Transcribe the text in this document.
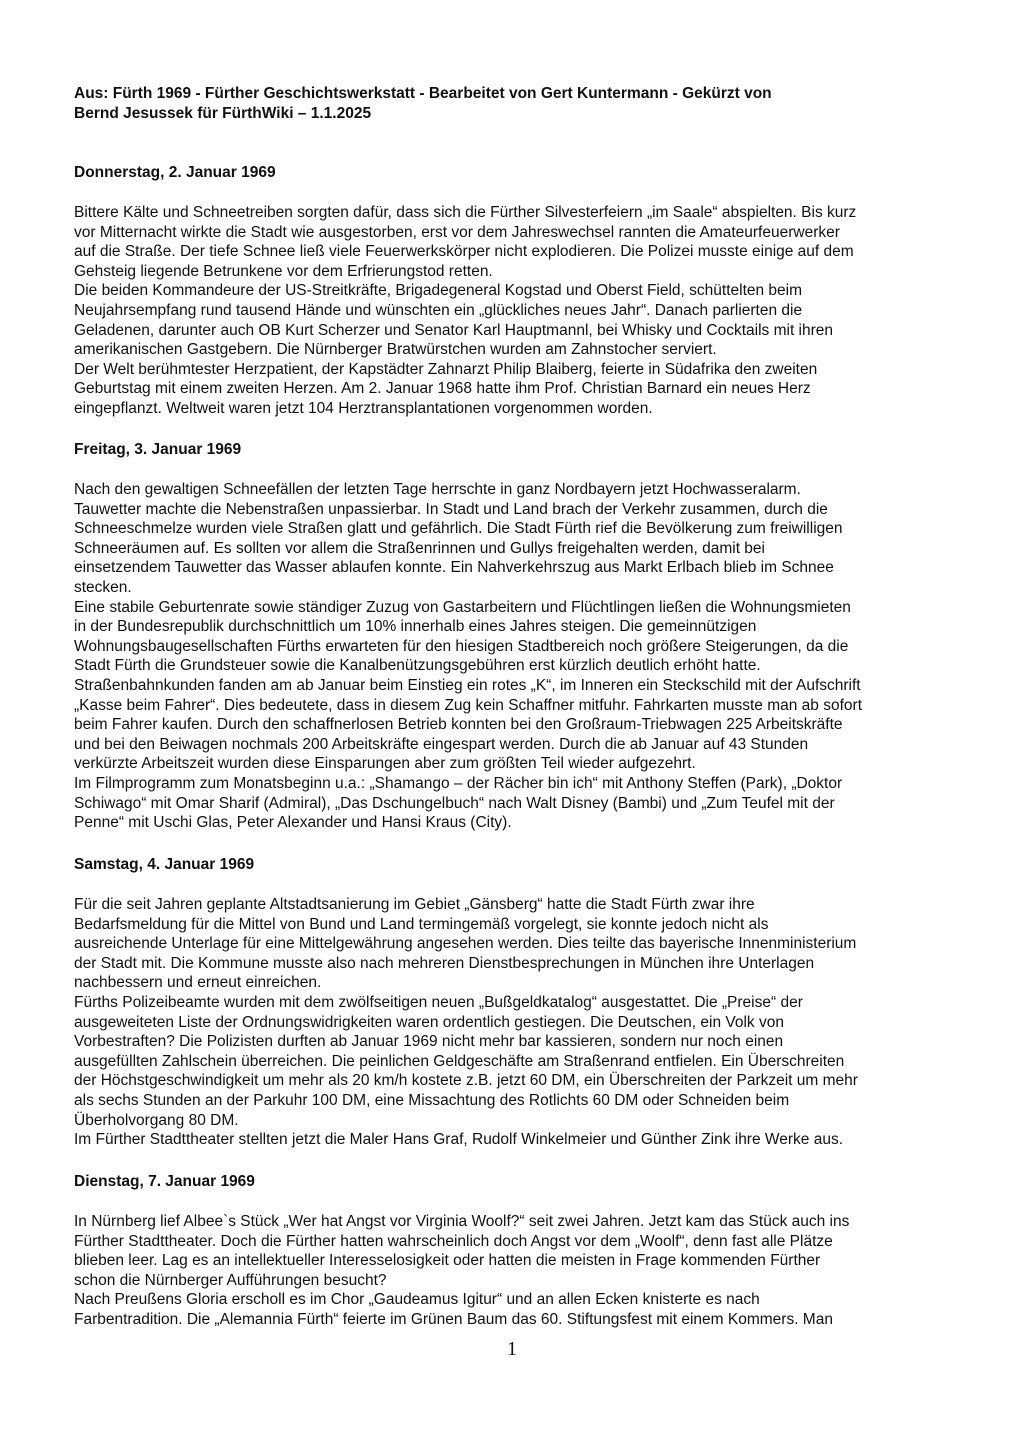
Aus: Fürth 1969 - Fürther Geschichtswerkstatt - Bearbeitet von Gert Kuntermann - Gekürzt von
Bernd Jesussek für FürthWiki – 1.1.2025
Donnerstag, 2. Januar 1969
Bittere Kälte und Schneetreiben sorgten dafür, dass sich die Fürther Silvesterfeiern „im Saale“ abspielten. Bis kurz
vor Mitternacht wirkte die Stadt wie ausgestorben, erst vor dem Jahreswechsel rannten die Amateurfeuerwerker
auf die Straße. Der tiefe Schnee ließ viele Feuerwerkskörper nicht explodieren. Die Polizei musste einige auf dem
Gehsteig liegende Betrunkene vor dem Erfrierungstod retten.
Die beiden Kommandeure der US-Streitkräfte, Brigadegeneral Kogstad und Oberst Field, schüttelten beim
Neujahrsempfang rund tausend Hände und wünschten ein „glückliches neues Jahr“. Danach parlierten die
Geladenen, darunter auch OB Kurt Scherzer und Senator Karl Hauptmannl, bei Whisky und Cocktails mit ihren
amerikanischen Gastgebern. Die Nürnberger Bratwürstchen wurden am Zahnstocher serviert.
Der Welt berühmtester Herzpatient, der Kapstädter Zahnarzt Philip Blaiberg, feierte in Südafrika den zweiten
Geburtstag mit einem zweiten Herzen. Am 2. Januar 1968 hatte ihm Prof. Christian Barnard ein neues Herz
eingepflanzt. Weltweit waren jetzt 104 Herztransplantationen vorgenommen worden.
Freitag, 3. Januar 1969
Nach den gewaltigen Schneefällen der letzten Tage herrschte in ganz Nordbayern jetzt Hochwasseralarm.
Tauwetter machte die Nebenstraßen unpassierbar. In Stadt und Land brach der Verkehr zusammen, durch die
Schneeschmelze wurden viele Straßen glatt und gefährlich. Die Stadt Fürth rief die Bevölkerung zum freiwilligen
Schneeräumen auf. Es sollten vor allem die Straßenrinnen und Gullys freigehalten werden, damit bei
einsetzendem Tauwetter das Wasser ablaufen konnte. Ein Nahverkehrszug aus Markt Erlbach blieb im Schnee
stecken.
Eine stabile Geburtenrate sowie ständiger Zuzug von Gastarbeitern und Flüchtlingen ließen die Wohnungsmieten
in der Bundesrepublik durchschnittlich um 10% innerhalb eines Jahres steigen. Die gemeinnützigen
Wohnungsbaugesellschaften Fürths erwarteten für den hiesigen Stadtbereich noch größere Steigerungen, da die
Stadt Fürth die Grundsteuer sowie die Kanalbenützungsgebühren erst kürzlich deutlich erhöht hatte.
Straßenbahnkunden fanden am ab Januar beim Einstieg ein rotes „K“, im Inneren ein Steckschild mit der Aufschrift
„Kasse beim Fahrer“. Dies bedeutete, dass in diesem Zug kein Schaffner mitfuhr. Fahrkarten musste man ab sofort
beim Fahrer kaufen. Durch den schaffnerlosen Betrieb konnten bei den Großraum-Triebwagen 225 Arbeitskräfte
und bei den Beiwagen nochmals 200 Arbeitskräfte eingespart werden. Durch die ab Januar auf 43 Stunden
verkürzte Arbeitszeit wurden diese Einsparungen aber zum größten Teil wieder aufgezehrt.
Im Filmprogramm zum Monatsbeginn u.a.: „Shamango – der Rächer bin ich“ mit Anthony Steffen (Park), „Doktor
Schiwago“ mit Omar Sharif (Admiral), „Das Dschungelbuch“ nach Walt Disney (Bambi) und „Zum Teufel mit der
Penne“ mit Uschi Glas, Peter Alexander und Hansi Kraus (City).
Samstag, 4. Januar 1969
Für die seit Jahren geplante Altstadtsanierung im Gebiet „Gänsberg“ hatte die Stadt Fürth zwar ihre
Bedarfsmeldung für die Mittel von Bund und Land termingemäß vorgelegt, sie konnte jedoch nicht als
ausreichende Unterlage für eine Mittelgewährung angesehen werden. Dies teilte das bayerische Innenministerium
der Stadt mit. Die Kommune musste also nach mehreren Dienstbesprechungen in München ihre Unterlagen
nachbessern und erneut einreichen.
Fürths Polizeibeamte wurden mit dem zwölfseitigen neuen „Bußgeldkatalog“ ausgestattet. Die „Preise“ der
ausgeweiteten Liste der Ordnungswidrigkeiten waren ordentlich gestiegen. Die Deutschen, ein Volk von
Vorbestraften? Die Polizisten durften ab Januar 1969 nicht mehr bar kassieren, sondern nur noch einen
ausgefüllten Zahlschein überreichen. Die peinlichen Geldgeschäfte am Straßenrand entfielen. Ein Überschreiten
der Höchstgeschwindigkeit um mehr als 20 km/h kostete z.B. jetzt 60 DM, ein Überschreiten der Parkzeit um mehr
als sechs Stunden an der Parkuhr 100 DM, eine Missachtung des Rotlichts 60 DM oder Schneiden beim
Überholvorgang 80 DM.
Im Fürther Stadttheater stellten jetzt die Maler Hans Graf, Rudolf Winkelmeier und Günther Zink ihre Werke aus.
Dienstag, 7. Januar 1969
In Nürnberg lief Albee`s Stück „Wer hat Angst vor Virginia Woolf?“ seit zwei Jahren. Jetzt kam das Stück auch ins
Fürther Stadttheater. Doch die Fürther hatten wahrscheinlich doch Angst vor dem „Woolf“, denn fast alle Plätze
blieben leer. Lag es an intellektueller Interesselosigkeit oder hatten die meisten in Frage kommenden Fürther
schon die Nürnberger Aufführungen besucht?
Nach Preußens Gloria erscholl es im Chor „Gaudeamus Igitur“ und an allen Ecken knisterte es nach
Farbentradition. Die „Alemannia Fürth“ feierte im Grünen Baum das 60. Stiftungsfest mit einem Kommers. Man
1
